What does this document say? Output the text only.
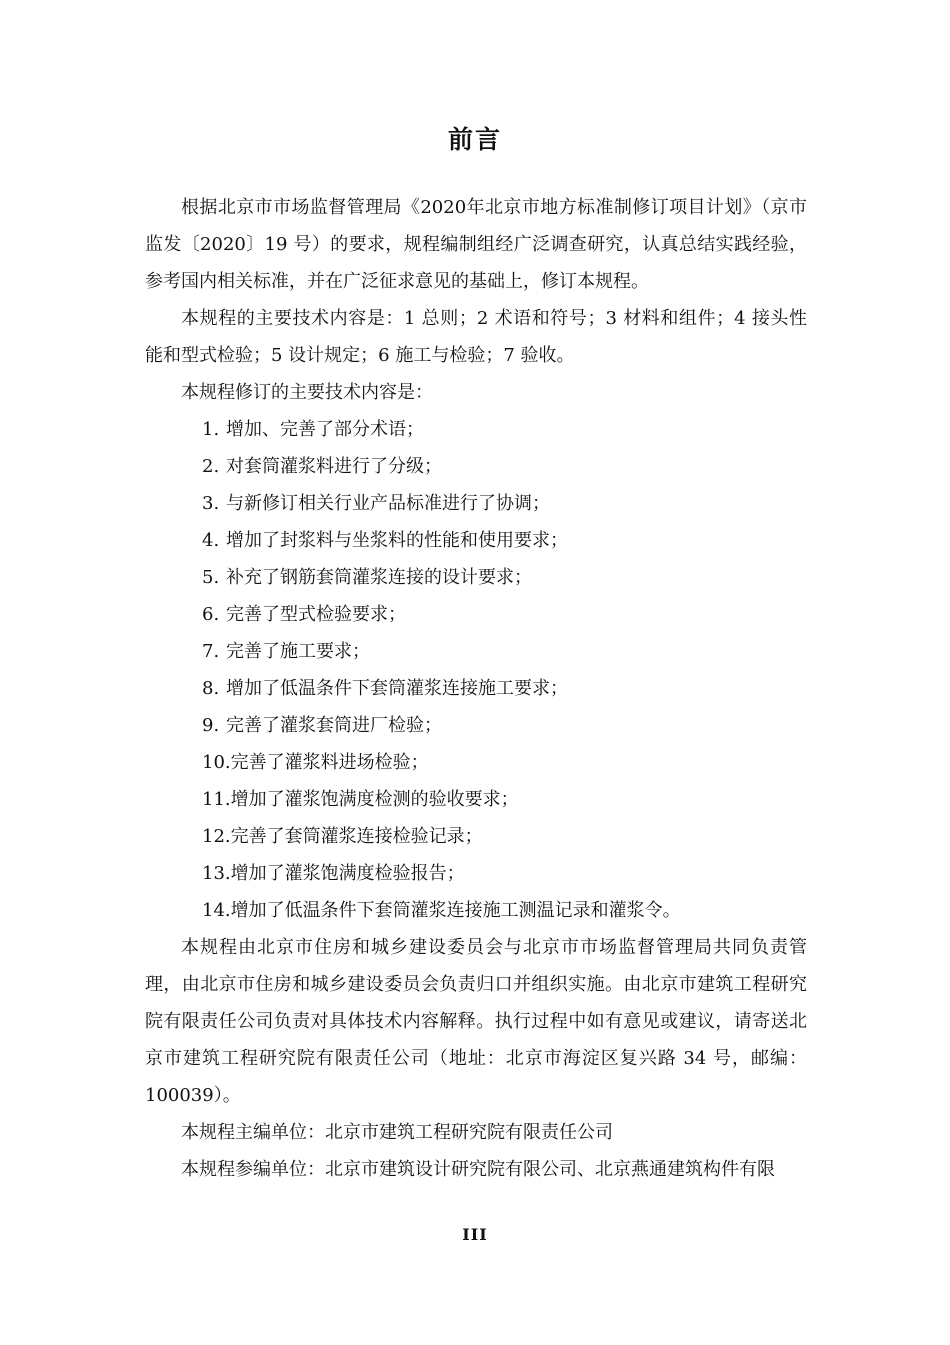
前言

根据北京市市场监督管理局《2020年北京市地方标准制修订项目计划》（京市监发〔2020〕19 号）的要求，规程编制组经广泛调查研究，认真总结实践经验，参考国内相关标准，并在广泛征求意见的基础上，修订本规程。

本规程的主要技术内容是：1 总则；2 术语和符号；3 材料和组件；4 接头性能和型式检验；5 设计规定；6 施工与检验；7 验收。

本规程修订的主要技术内容是：

1. 增加、完善了部分术语；
2. 对套筒灌浆料进行了分级；
3. 与新修订相关行业产品标准进行了协调；
4. 增加了封浆料与坐浆料的性能和使用要求；
5. 补充了钢筋套筒灌浆连接的设计要求；
6. 完善了型式检验要求；
7. 完善了施工要求；
8. 增加了低温条件下套筒灌浆连接施工要求；
9. 完善了灌浆套筒进厂检验；
10.完善了灌浆料进场检验；
11.增加了灌浆饱满度检测的验收要求；
12.完善了套筒灌浆连接检验记录；
13.增加了灌浆饱满度检验报告；
14.增加了低温条件下套筒灌浆连接施工测温记录和灌浆令。

本规程由北京市住房和城乡建设委员会与北京市市场监督管理局共同负责管理，由北京市住房和城乡建设委员会负责归口并组织实施。由北京市建筑工程研究院有限责任公司负责对具体技术内容解释。执行过程中如有意见或建议，请寄送北京市建筑工程研究院有限责任公司（地址：北京市海淀区复兴路 34 号，邮编：100039）。

本规程主编单位：北京市建筑工程研究院有限责任公司

本规程参编单位：北京市建筑设计研究院有限公司、北京燕通建筑构件有限

III
